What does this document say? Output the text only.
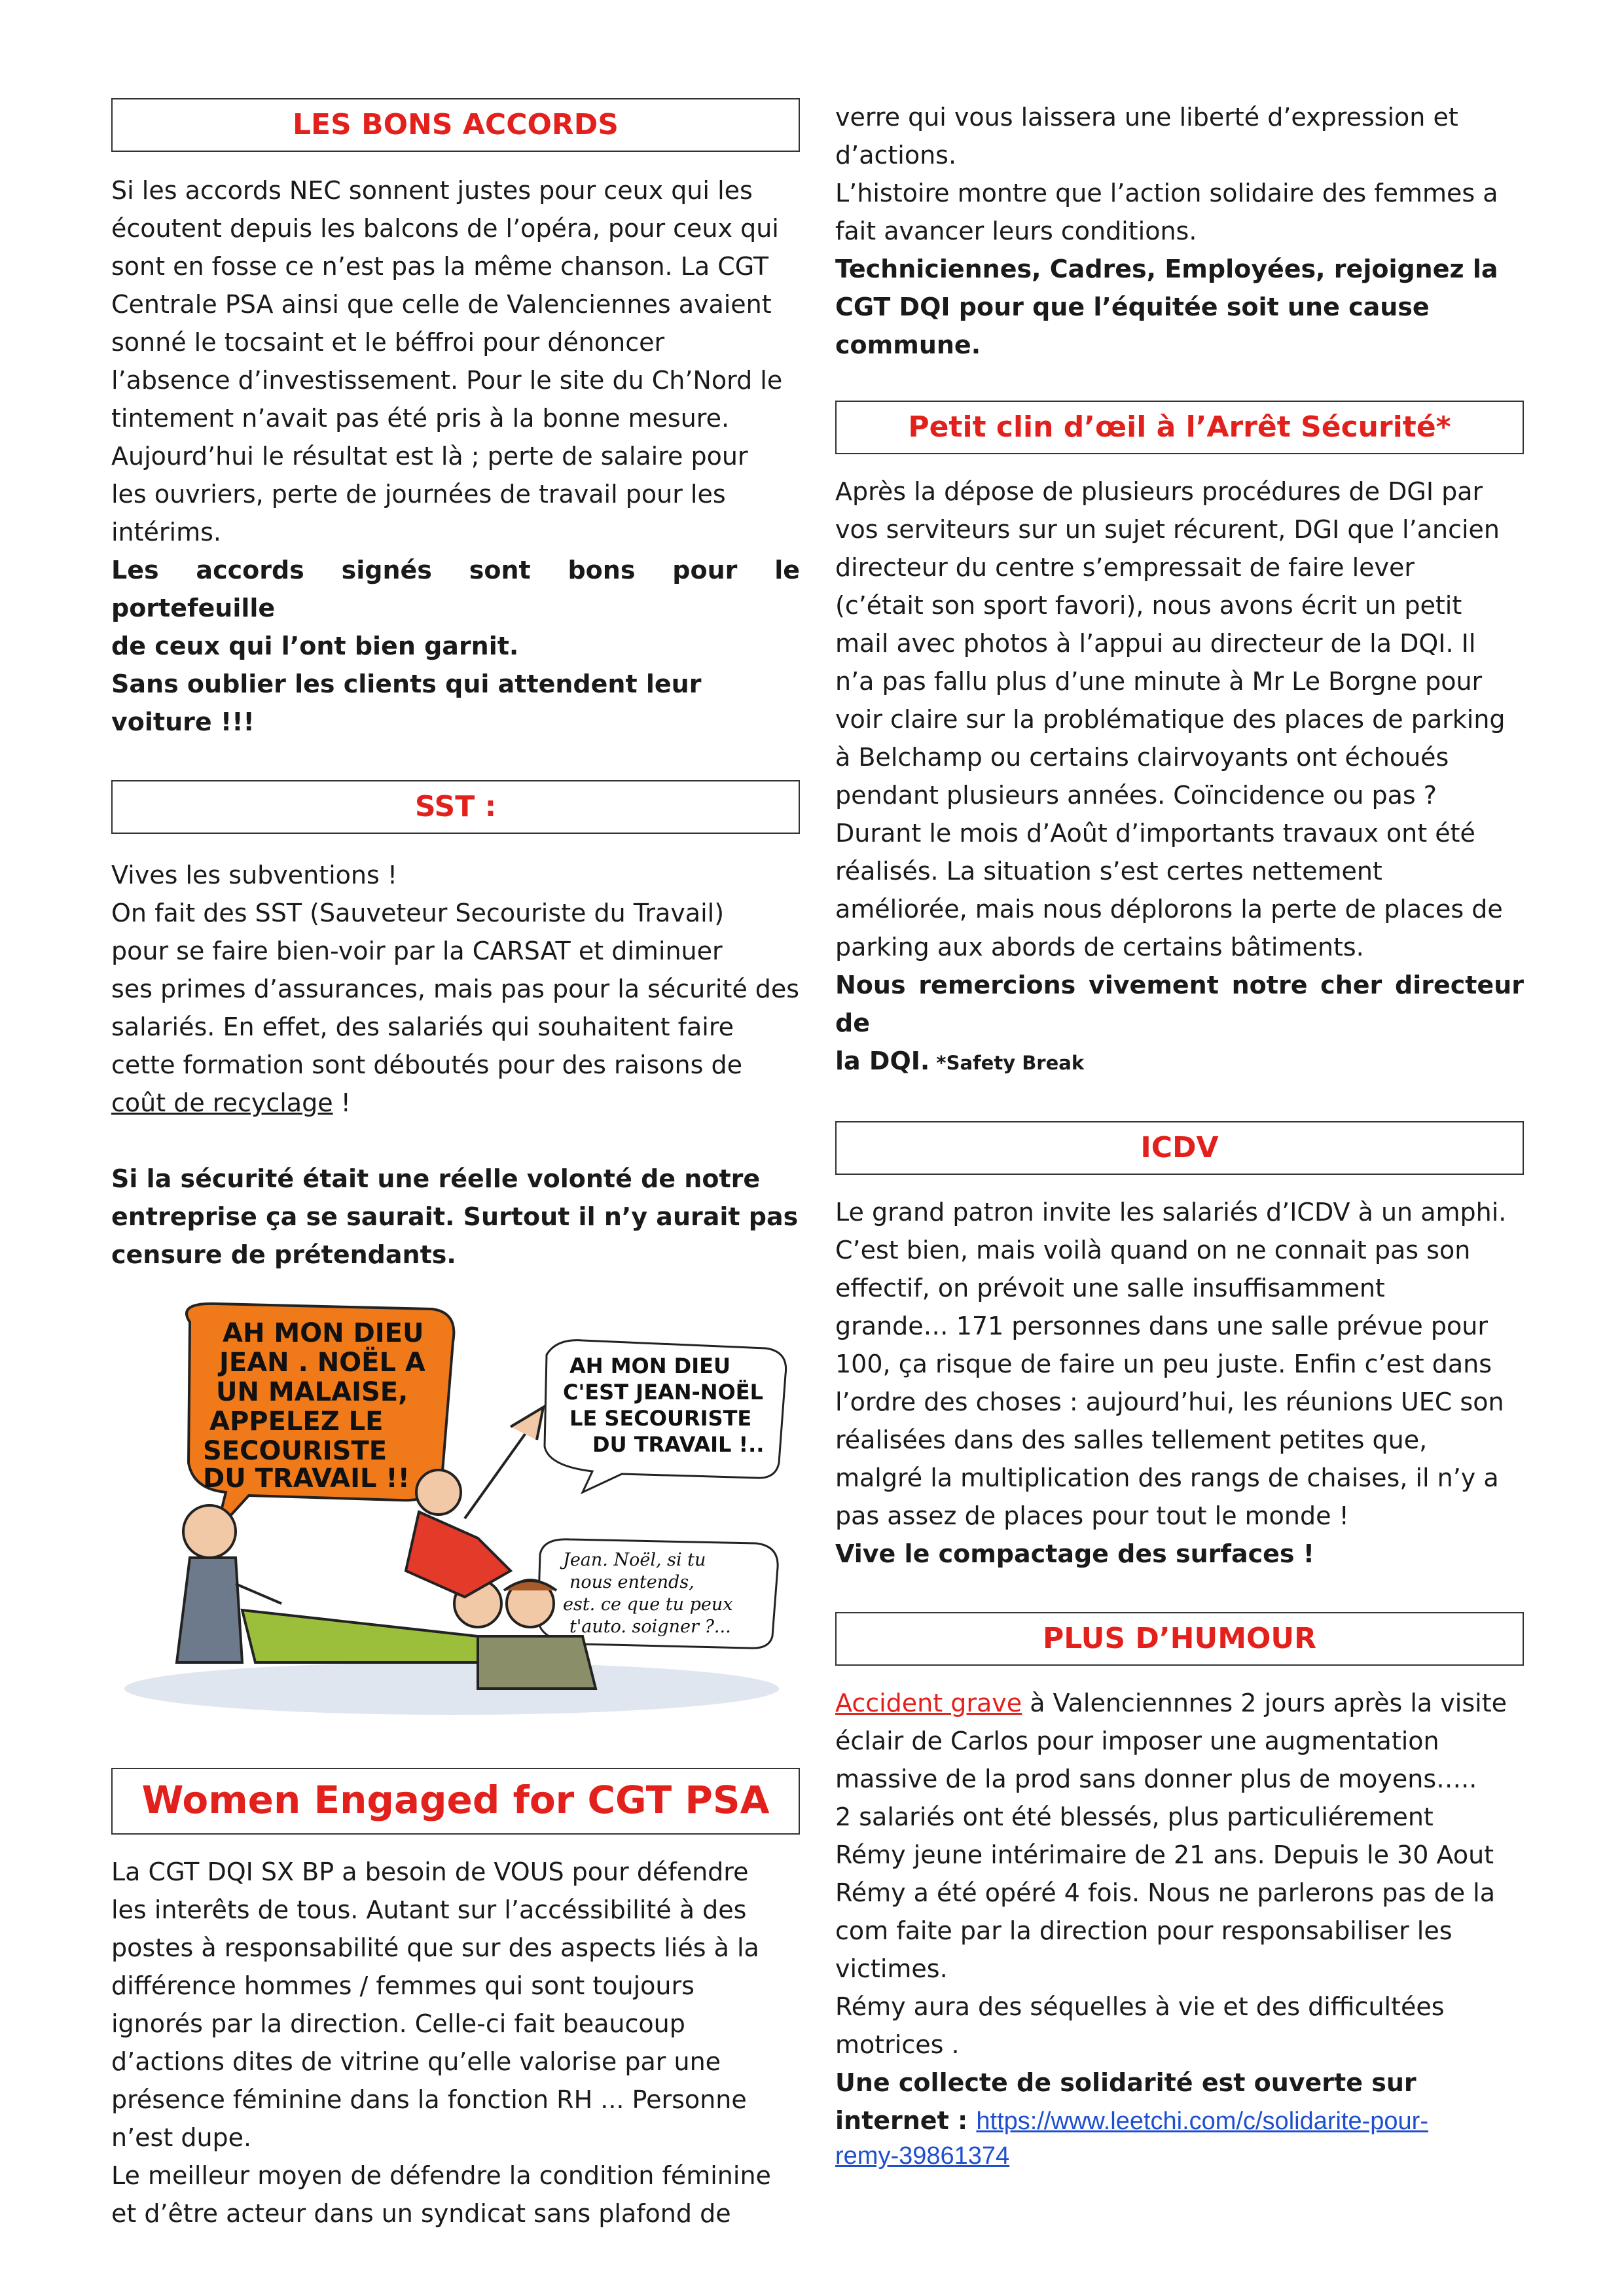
LES BONS ACCORDS

Si les accords NEC sonnent justes pour ceux qui les

écoutent depuis les balcons de l’opéra, pour ceux qui

sont en fosse ce n’est pas la même chanson. La CGT

Centrale PSA ainsi que celle de Valenciennes avaient

sonné le tocsaint et le béffroi pour dénoncer

l’absence d’investissement. Pour le site du Ch’Nord le

tintement n’avait pas été pris à la bonne mesure.

Aujourd’hui le résultat est là ; perte de salaire pour

les ouvriers, perte de journées de travail pour les

intérims.

Les accords signés sont bons pour le portefeuille

de ceux qui l’ont bien garnit.

Sans oublier les clients qui attendent leur

voiture !!!

SST :

Vives les subventions !

On fait des SST (Sauveteur Secouriste du Travail)

pour se faire bien-voir par la CARSAT et diminuer

ses primes d’assurances, mais pas pour la sécurité des

salariés. En effet, des salariés qui souhaitent faire

cette formation sont déboutés pour des raisons de

coût de recyclage !

Si la sécurité était une réelle volonté de notre

entreprise ça se saurait. Surtout il n’y aurait pas

censure de prétendants.

AH MON DIEU
JEAN . NOËL A
UN MALAISE,
APPELEZ LE
SECOURISTE
DU TRAVAIL !!
AH MON DIEU
C'EST JEAN-NOËL
LE SECOURISTE
DU TRAVAIL !..
Jean. Noël, si tu
nous entends,
est. ce que tu peux
t'auto. soigner ?...
Women Engaged for CGT PSA

La CGT DQI SX BP a besoin de VOUS pour défendre

les interêts de tous. Autant sur l’accéssibilité à des

postes à responsabilité que sur des aspects liés à la

différence hommes / femmes qui sont toujours

ignorés par la direction. Celle-ci fait beaucoup

d’actions dites de vitrine qu’elle valorise par une

présence féminine dans la fonction RH ... Personne

n’est dupe.

Le meilleur moyen de défendre la condition féminine

et d’être acteur dans un syndicat sans plafond de

verre qui vous laissera une liberté d’expression et

d’actions.

L’histoire montre que l’action solidaire des femmes a

fait avancer leurs conditions.

Techniciennes, Cadres, Employées, rejoignez la

CGT DQI pour que l’équitée soit une cause

commune.

Petit clin d’œil à l’Arrêt Sécurité*

Après la dépose de plusieurs procédures de DGI par

vos serviteurs sur un sujet récurent, DGI que l’ancien

directeur du centre s’empressait de faire lever

(c’était son sport favori), nous avons écrit un petit

mail avec photos à l’appui au directeur de la DQI. Il

n’a pas fallu plus d’une minute à Mr Le Borgne pour

voir claire sur la problématique des places de parking

à Belchamp ou certains clairvoyants ont échoués

pendant plusieurs années. Coïncidence ou pas ?

Durant le mois d’Août d’importants travaux ont été

réalisés. La situation s’est certes nettement

améliorée, mais nous déplorons la perte de places de

parking aux abords de certains bâtiments.

Nous remercions vivement notre cher directeur de

la DQI. *Safety Break

ICDV

Le grand patron invite les salariés d’ICDV à un amphi.

C’est bien, mais voilà quand on ne connait pas son

effectif, on prévoit une salle insuffisamment

grande… 171 personnes dans une salle prévue pour

100, ça risque de faire un peu juste. Enfin c’est dans

l’ordre des choses : aujourd’hui, les réunions UEC son

réalisées dans des salles tellement petites que,

malgré la multiplication des rangs de chaises, il n’y a

pas assez de places pour tout le monde !

Vive le compactage des surfaces !

PLUS D’HUMOUR

Accident grave à Valenciennnes 2 jours après la visite

éclair de Carlos pour imposer une augmentation

massive de la prod sans donner plus de moyens…..

2 salariés ont été blessés, plus particuliérement

Rémy jeune intérimaire de 21 ans. Depuis le 30 Aout

Rémy a été opéré 4 fois. Nous ne parlerons pas de la

com faite par la direction pour responsabiliser les

victimes.

Rémy aura des séquelles à vie et des difficultées

motrices .

Une collecte de solidarité est ouverte sur

internet : https://www.leetchi.com/c/solidarite-pour-

remy-39861374
